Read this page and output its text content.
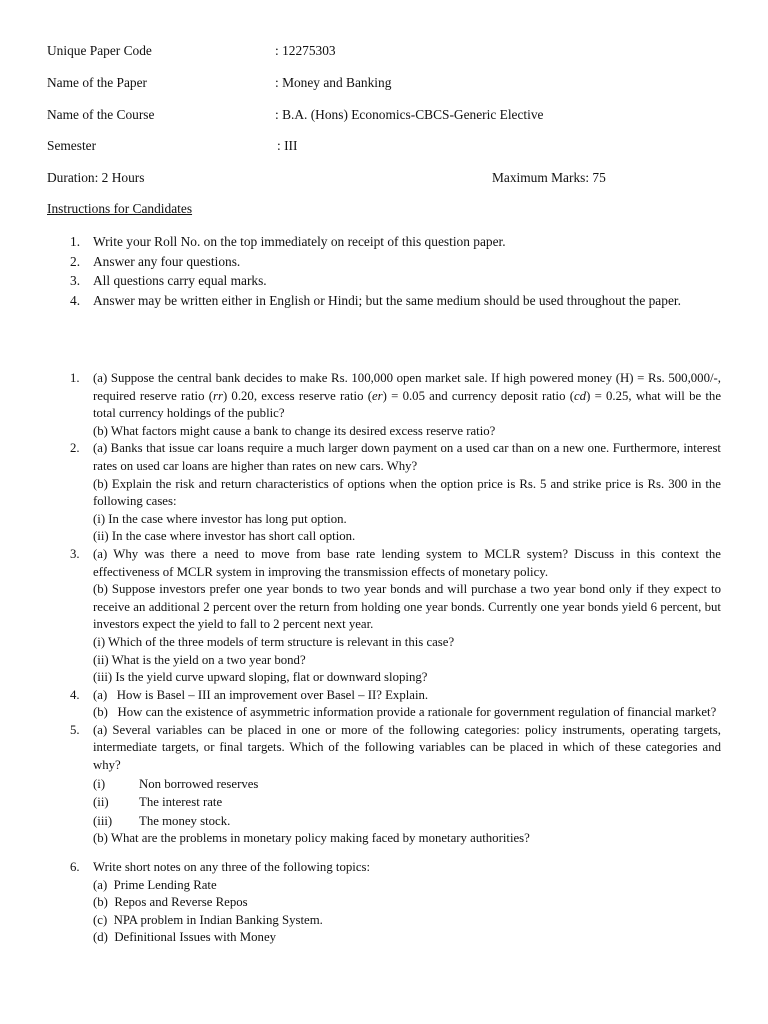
Unique Paper Code	: 12275303
Name of the Paper	: Money and Banking
Name of the Course	: B.A. (Hons) Economics-CBCS-Generic Elective
Semester	: III
Duration: 2 Hours	Maximum Marks: 75
Instructions for Candidates
1. Write your Roll No. on the top immediately on receipt of this question paper.
2. Answer any four questions.
3. All questions carry equal marks.
4. Answer may be written either in English or Hindi; but the same medium should be used throughout the paper.
1. (a) Suppose the central bank decides to make Rs. 100,000 open market sale. If high powered money (H) = Rs. 500,000/-, required reserve ratio (rr) 0.20, excess reserve ratio (er) = 0.05 and currency deposit ratio (cd) = 0.25, what will be the total currency holdings of the public?

(b) What factors might cause a bank to change its desired excess reserve ratio?

2. (a) Banks that issue car loans require a much larger down payment on a used car than on a new one. Furthermore, interest rates on used car loans are higher than rates on new cars. Why?

(b) Explain the risk and return characteristics of options when the option price is Rs. 5 and strike price is Rs. 300 in the following cases:

(i) In the case where investor has long put option.

(ii) In the case where investor has short call option.

3. (a) Why was there a need to move from base rate lending system to MCLR system? Discuss in this context the effectiveness of MCLR system in improving the transmission effects of monetary policy.

(b) Suppose investors prefer one year bonds to two year bonds and will purchase a two year bond only if they expect to receive an additional 2 percent over the return from holding one year bonds. Currently one year bonds yield 6 percent, but investors expect the yield to fall to 2 percent next year.

(i) Which of the three models of term structure is relevant in this case?

(ii) What is the yield on a two year bond?

(iii) Is the yield curve upward sloping, flat or downward sloping?

4. (a)   How is Basel – III an improvement over Basel – II? Explain.

(b)   How can the existence of asymmetric information provide a rationale for government regulation of financial market?

5. (a) Several variables can be placed in one or more of the following categories: policy instruments, operating targets, intermediate targets, or final targets. Which of the following variables can be placed in which of these categories and why?

(i)	Non borrowed reserves
(ii) The interest rate
(iii) The money stock.

(b) What are the problems in monetary policy making faced by monetary authorities?

6. Write short notes on any three of the following topics:

(a)  Prime Lending Rate

(b)  Repos and Reverse Repos

(c)  NPA problem in Indian Banking System.

(d)  Definitional Issues with Money
